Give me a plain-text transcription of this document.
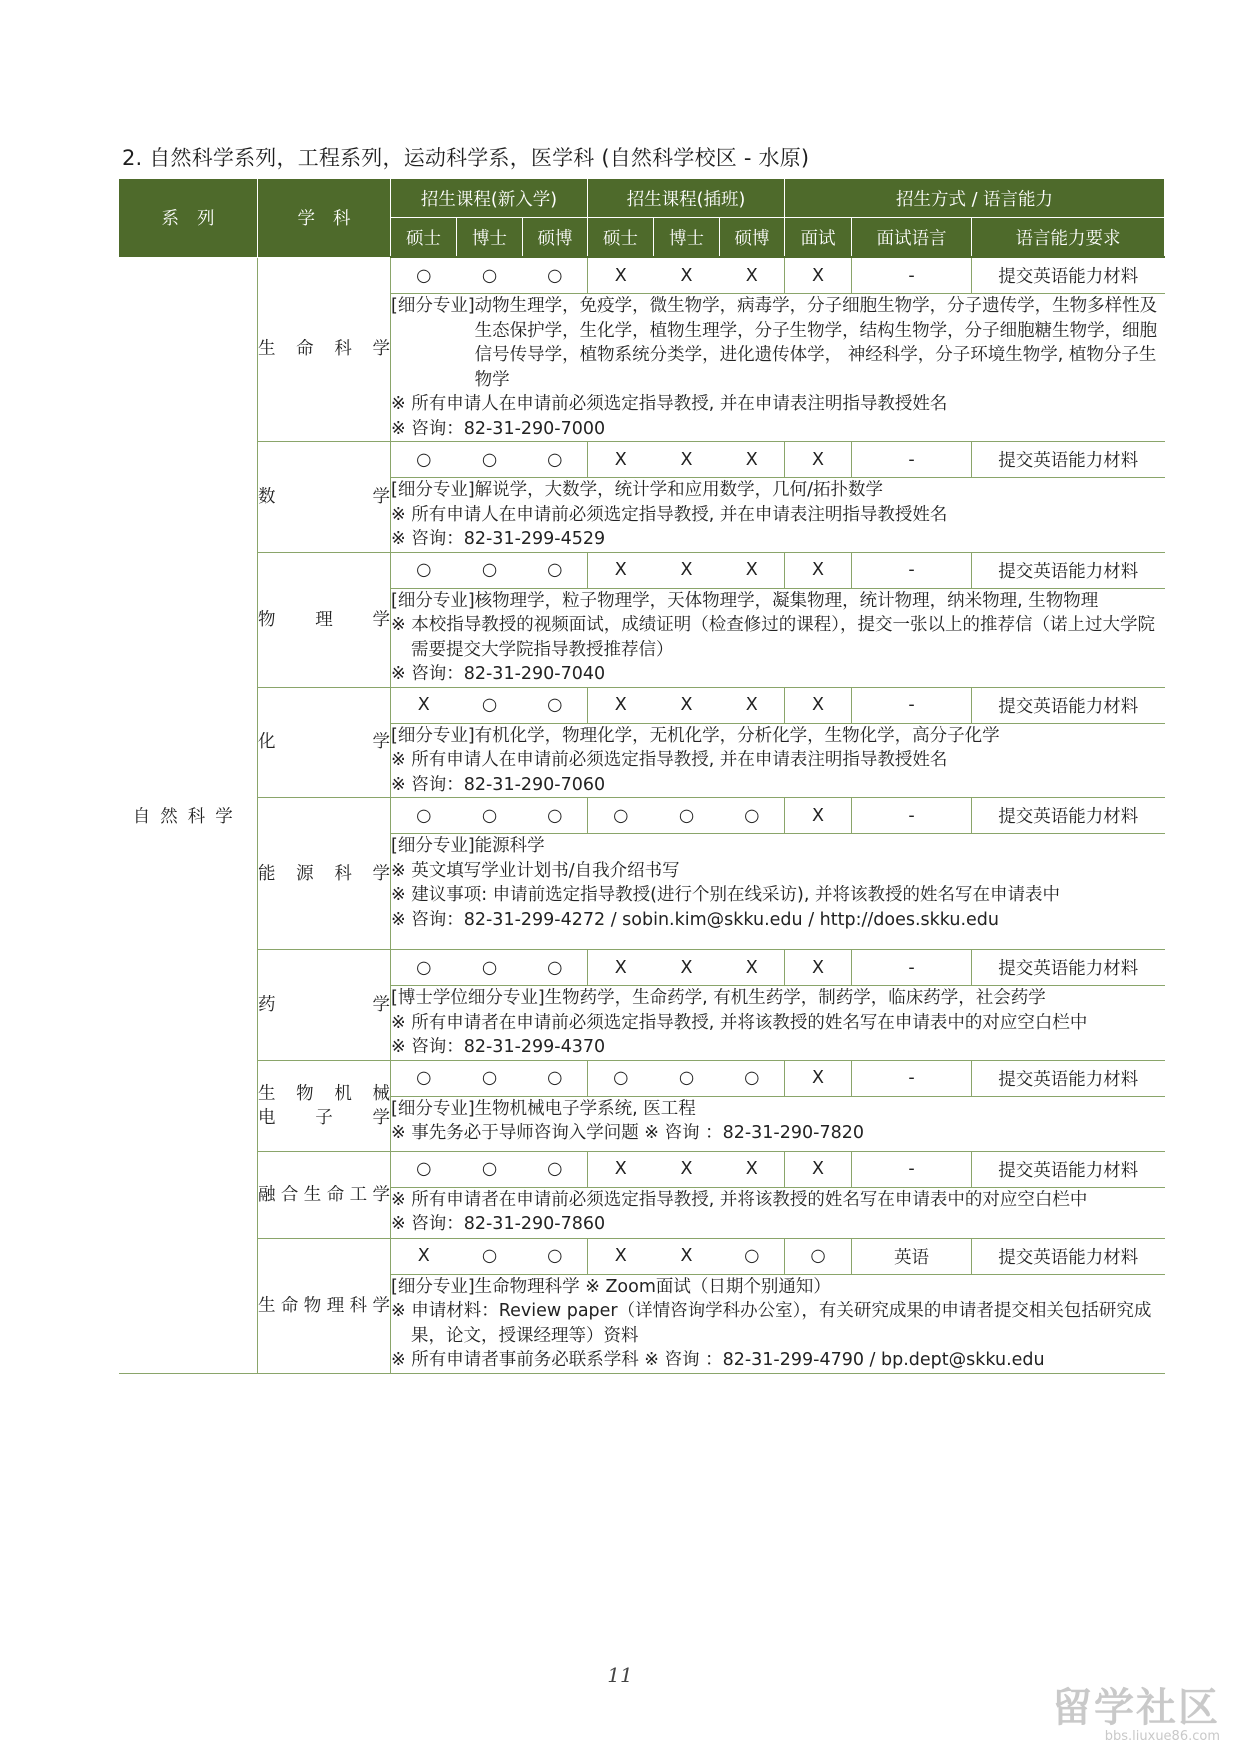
2. 自然科学系列，工程系列，运动科学系，医学科 (自然科学校区 - 水原)
系列	学科	招生课程(新入学)			招生课程(插班)			招生方式 / 语言能力		
		硕士	博士	硕博	硕士	博士	硕博	面试	面试语言	语言能力要求
自然科学	生命科学	○	○	○	X	X	X	X	-	提交英语能力材料

		[细分专业] 动物生理学，免疫学，微生物学，病毒学，分子细胞生物学，分子遗传学，生物多样性及生态保护学，生化学，植物生理学，分子生物学，结构生物学，分子细胞糖生物学，细胞信号传导学，植物系统分类学，进化遗传体学， 神经科学，分子环境生物学, 植物分子生物学
※ 所有申请人在申请前必须选定指导教授, 并在申请表注明指导教授姓名
※ 咨询：82-31-290-7000								

	数学	○	○	○	X	X	X	X	-	提交英语能力材料

		[细分专业] 解说学，大数学，统计学和应用数学，几何/拓扑数学
※ 所有申请人在申请前必须选定指导教授, 并在申请表注明指导教授姓名
※ 咨询：82-31-299-4529								

	物理学	○	○	○	X	X	X	X	-	提交英语能力材料

		[细分专业] 核物理学，粒子物理学，天体物理学，凝集物理，统计物理，纳米物理, 生物物理
※ 本校指导教授的视频面试，成绩证明（检查修过的课程），提交一张以上的推荐信（诺上过大学院需要提交大学院指导教授推荐信）
※ 咨询：82-31-290-7040								

	化学	X	○	○	X	X	X	X	-	提交英语能力材料

		[细分专业] 有机化学，物理化学，无机化学，分析化学，生物化学，高分子化学
※ 所有申请人在申请前必须选定指导教授, 并在申请表注明指导教授姓名
※ 咨询：82-31-290-7060								

	能源科学	○	○	○	○	○	○	X	-	提交英语能力材料

		[细分专业] 能源科学
※ 英文填写学业计划书/自我介绍书写
※ 建议事项: 申请前选定指导教授(进行个别在线采访), 并将该教授的姓名写在申请表中
※ 咨询：82-31-299-4272 / sobin.kim@skku.edu / http://does.skku.edu								

	药学	○	○	○	X	X	X	X	-	提交英语能力材料

		[博士学位细分专业] 生物药学，生命药学, 有机生药学，制药学，临床药学，社会药学
※ 所有申请者在申请前必须选定指导教授, 并将该教授的姓名写在申请表中的对应空白栏中
※ 咨询：82-31-299-4370								

	生物机械
电子学	○	○	○	○	○	○	X	-	提交英语能力材料

		[细分专业] 生物机械电子学系统, 医工程
※ 事先务必于导师咨询入学问题 ※ 咨询 ：82-31-290-7820								

	融合生命工学	○	○	○	X	X	X	X	-	提交英语能力材料

		※ 所有申请者在申请前必须选定指导教授, 并将该教授的姓名写在申请表中的对应空白栏中
※ 咨询：82-31-290-7860								

	生命物理科学	X	○	○	X	X	○	○	英语	提交英语能力材料

		[细分专业] 生命物理科学 ※ Zoom面试（日期个别通知）
※ 申请材料：Review paper（详情咨询学科办公室），有关研究成果的申请者提交相关包括研究成果，论文，授课经理等）资料
※ 所有申请者事前务必联系学科 ※ 咨询 ：82-31-299-4790 / bp.dept@skku.edu								
11
留学社区
bbs.liuxue86.com
